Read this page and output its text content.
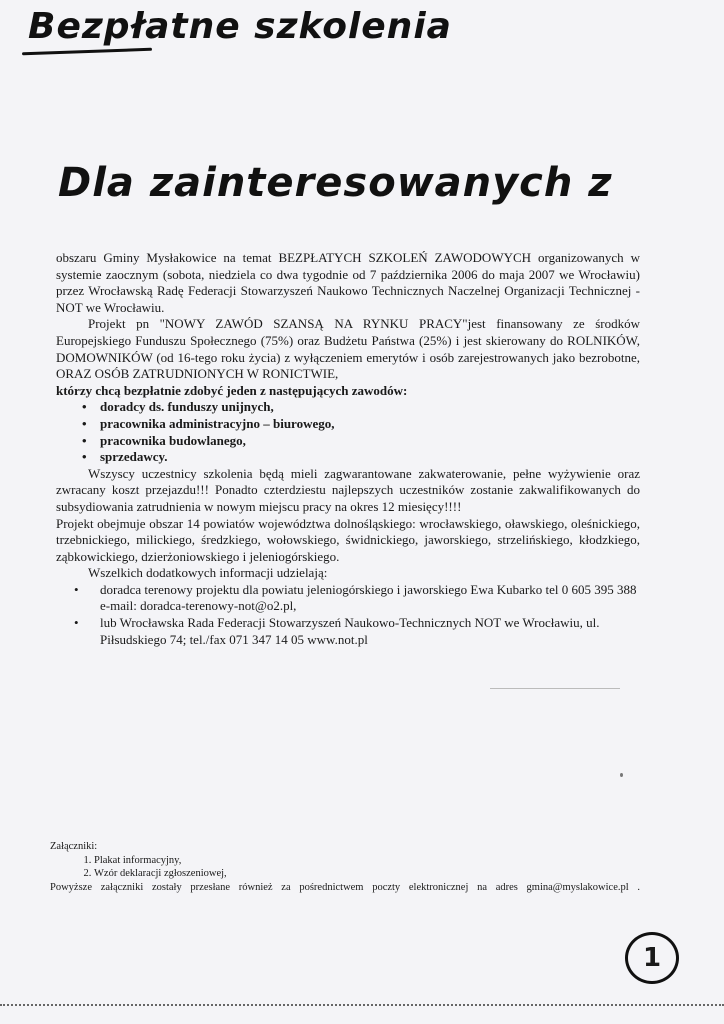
Bezpłatne szkolenia
Dla zainteresowanych z

obszaru Gminy Mysłakowice na temat BEZPŁATYCH SZKOLEŃ ZAWODOWYCH organizowanych w systemie zaocznym (sobota, niedziela co dwa tygodnie od 7 października 2006 do maja 2007 we Wrocławiu) przez Wrocławską Radę Federacji Stowarzyszeń Naukowo Technicznych Naczelnej Organizacji Technicznej - NOT we Wrocławiu.

Projekt pn "NOWY ZAWÓD SZANSĄ NA RYNKU PRACY"jest finansowany ze środków Europejskiego Funduszu Społecznego (75%) oraz Budżetu Państwa (25%) i jest skierowany do ROLNIKÓW, DOMOWNIKÓW (od 16-tego roku życia) z wyłączeniem emerytów i osób zarejestrowanych jako bezrobotne, ORAZ OSÓB ZATRUDNIONYCH W RONICTWIE,

którzy chcą bezpłatnie zdobyć jeden z następujących zawodów:

• doradcy ds. funduszy unijnych,
• pracownika administracyjno – biurowego,
• pracownika budowlanego,
• sprzedawcy.

Wszyscy uczestnicy szkolenia będą mieli zagwarantowane zakwaterowanie, pełne wyżywienie oraz zwracany koszt przejazdu!!! Ponadto czterdziestu najlepszych uczestników zostanie zakwalifikowanych do subsydiowania zatrudnienia w nowym miejscu pracy na okres 12 miesięcy!!!!

Projekt obejmuje obszar 14 powiatów województwa dolnośląskiego: wrocławskiego, oławskiego, oleśnickiego, trzebnickiego, milickiego, średzkiego, wołowskiego, świdnickiego, jaworskiego, strzelińskiego, kłodzkiego, ząbkowickiego, dzierżoniowskiego i jeleniogórskiego.

Wszelkich dodatkowych informacji udzielają:

• doradca terenowy projektu dla powiatu jeleniogórskiego i jaworskiego Ewa Kubarko tel 0 605 395 388 e-mail: doradca-terenowy-not@o2.pl,
• lub Wrocławska Rada Federacji Stowarzyszeń Naukowo-Technicznych NOT we Wrocławiu, ul. Piłsudskiego 74; tel./fax 071 347 14 05 www.not.pl

Załączniki:

1. Plakat informacyjny,
2. Wzór deklaracji zgłoszeniowej,

Powyższe załączniki zostały przesłane również za pośrednictwem poczty elektronicznej na adres gmina@myslakowice.pl .

1
